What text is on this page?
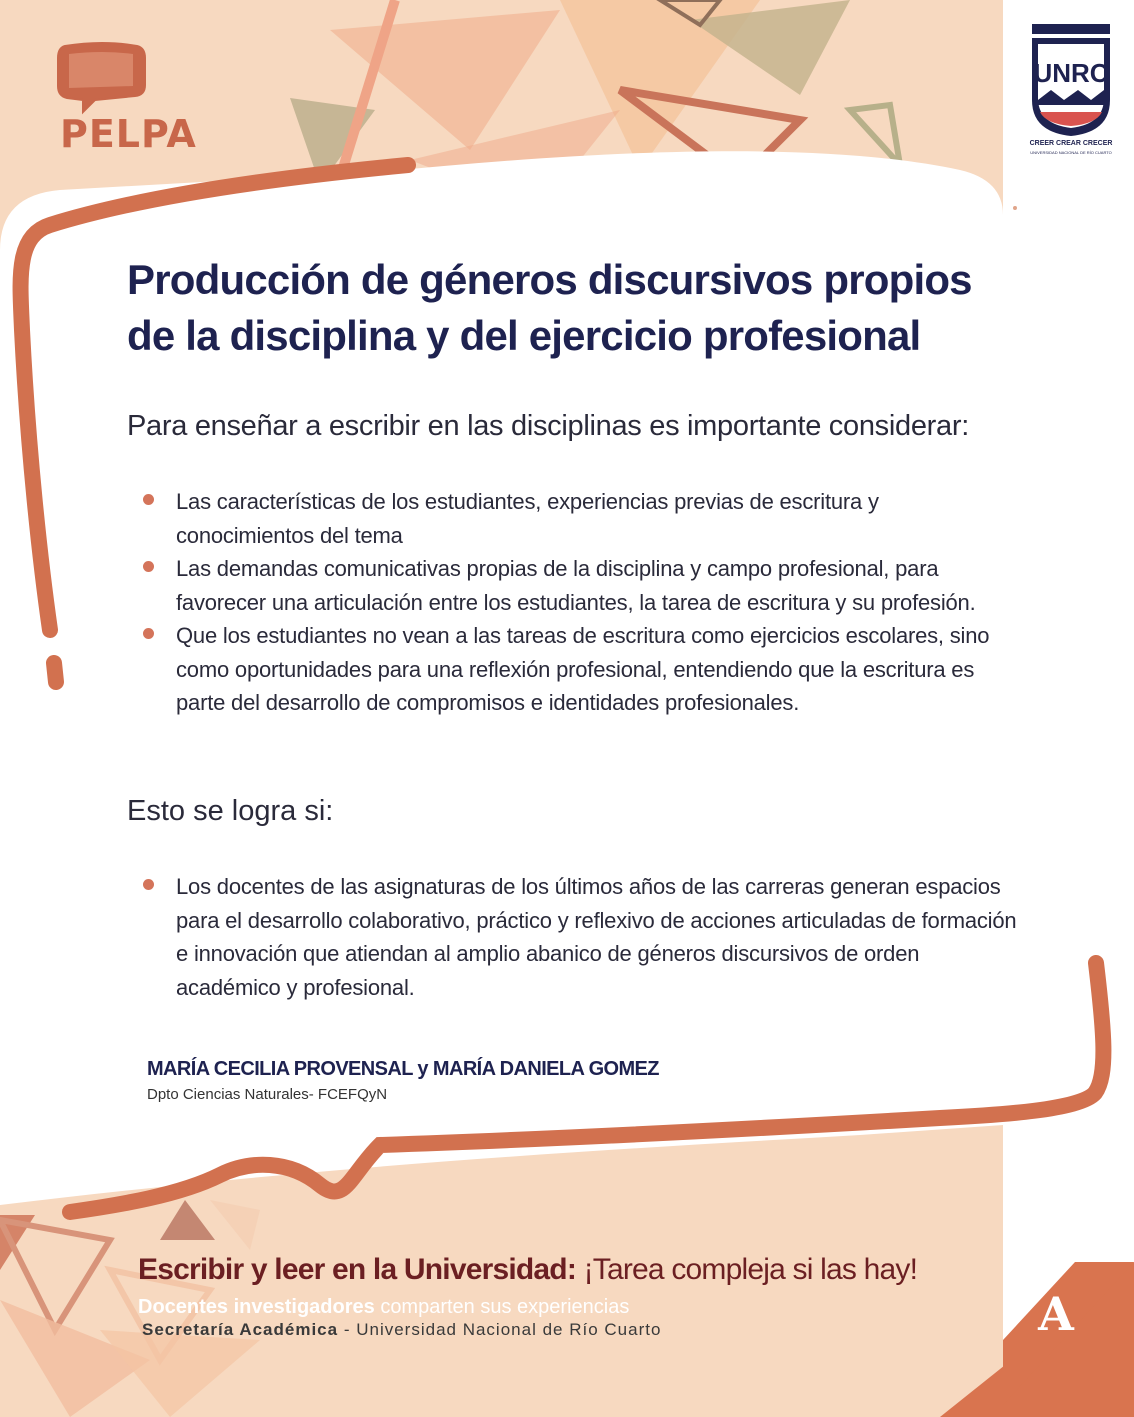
PELPA
UNRC
CREER CREAR CRECER
UNIVERSIDAD NACIONAL DE RÍO CUARTO
Producción de géneros discursivos propios de la disciplina y del ejercicio profesional

Para enseñar a escribir en las disciplinas es importante considerar:

Las características de los estudiantes, experiencias previas de escritura y conocimientos del tema
Las demandas comunicativas propias de la disciplina y campo profesional, para favorecer una articulación entre los estudiantes, la tarea de escritura y su profesión.
Que los estudiantes no vean a las tareas de escritura como ejercicios escolares, sino como oportunidades para una reflexión profesional, entendiendo que la escritura es parte del desarrollo de compromisos e identidades profesionales.

Esto se logra si:

Los docentes de las asignaturas de los últimos años de las carreras generan espacios para el desarrollo colaborativo, práctico y reflexivo de acciones articuladas de formación e innovación que atiendan al amplio abanico de géneros discursivos de orden académico y profesional.
MARÍA CECILIA PROVENSAL y MARÍA DANIELA GOMEZ
Dpto Ciencias Naturales- FCEFQyN
Escribir y leer en la Universidad: ¡Tarea compleja si las hay!
Docentes investigadores comparten sus experiencias
Secretaría Académica - Universidad Nacional de Río Cuarto	A
